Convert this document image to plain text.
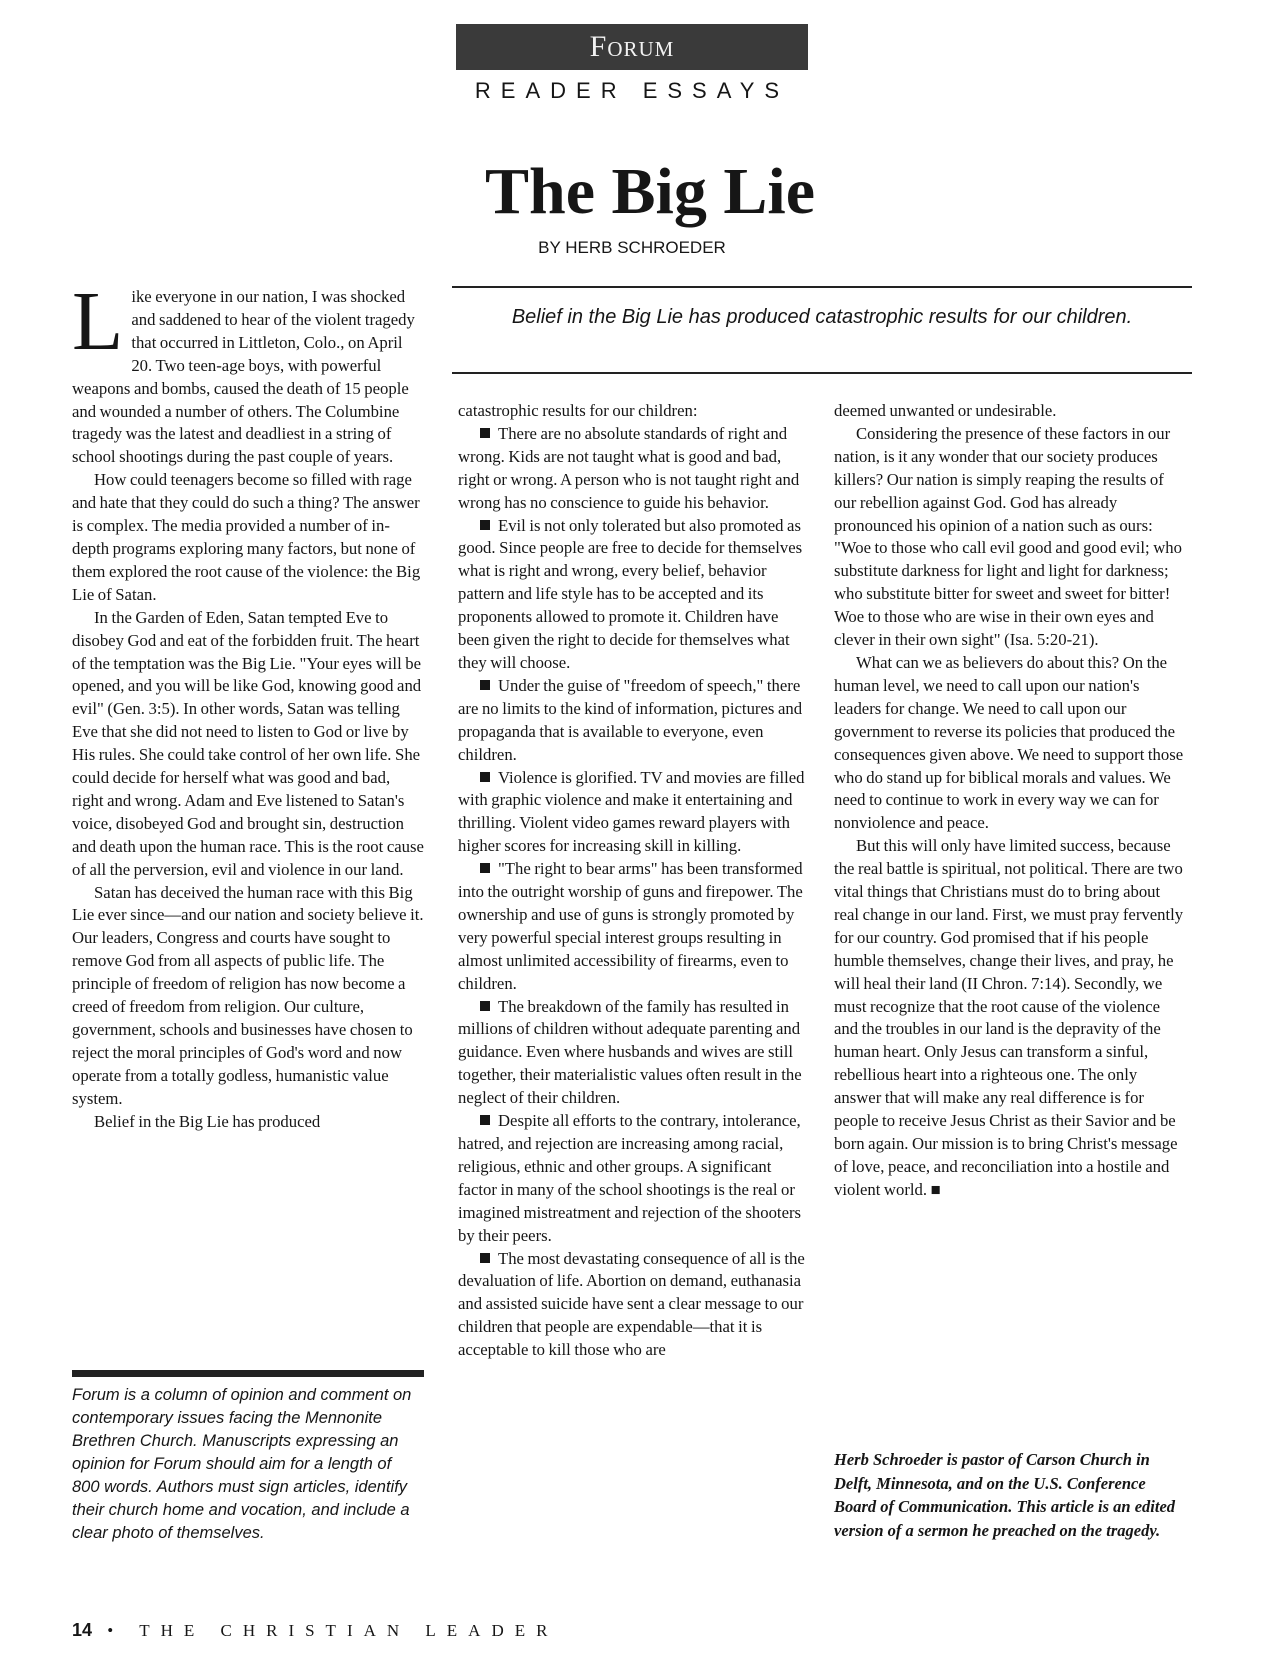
Forum
READER ESSAYS
The Big Lie
BY HERB SCHROEDER
Belief in the Big Lie has produced catastrophic results for our children.

Like everyone in our nation, I was shocked and saddened to hear of the violent tragedy that occurred in Littleton, Colo., on April 20. Two teen-age boys, with powerful weapons and bombs, caused the death of 15 people and wounded a number of others. The Columbine tragedy was the latest and deadliest in a string of school shootings during the past couple of years.

How could teenagers become so filled with rage and hate that they could do such a thing? The answer is complex. The media provided a number of in-depth programs exploring many factors, but none of them explored the root cause of the violence: the Big Lie of Satan.

In the Garden of Eden, Satan tempted Eve to disobey God and eat of the forbidden fruit. The heart of the temptation was the Big Lie. "Your eyes will be opened, and you will be like God, knowing good and evil" (Gen. 3:5). In other words, Satan was telling Eve that she did not need to listen to God or live by His rules. She could take control of her own life. She could decide for herself what was good and bad, right and wrong. Adam and Eve listened to Satan's voice, disobeyed God and brought sin, destruction and death upon the human race. This is the root cause of all the perversion, evil and violence in our land.

Satan has deceived the human race with this Big Lie ever since—and our nation and society believe it. Our leaders, Congress and courts have sought to remove God from all aspects of public life. The principle of freedom of religion has now become a creed of freedom from religion. Our culture, government, schools and businesses have chosen to reject the moral principles of God's word and now operate from a totally godless, humanistic value system.

Belief in the Big Lie has produced

Forum is a column of opinion and comment on contemporary issues facing the Mennonite Brethren Church. Manuscripts expressing an opinion for Forum should aim for a length of 800 words. Authors must sign articles, identify their church home and vocation, and include a clear photo of themselves.

catastrophic results for our children:

There are no absolute standards of right and wrong. Kids are not taught what is good and bad, right or wrong. A person who is not taught right and wrong has no conscience to guide his behavior.

Evil is not only tolerated but also promoted as good. Since people are free to decide for themselves what is right and wrong, every belief, behavior pattern and life style has to be accepted and its proponents allowed to promote it. Children have been given the right to decide for themselves what they will choose.

Under the guise of "freedom of speech," there are no limits to the kind of information, pictures and propaganda that is available to everyone, even children.

Violence is glorified. TV and movies are filled with graphic violence and make it entertaining and thrilling. Violent video games reward players with higher scores for increasing skill in killing.

"The right to bear arms" has been transformed into the outright worship of guns and firepower. The ownership and use of guns is strongly promoted by very powerful special interest groups resulting in almost unlimited accessibility of firearms, even to children.

The breakdown of the family has resulted in millions of children without adequate parenting and guidance. Even where husbands and wives are still together, their materialistic values often result in the neglect of their children.

Despite all efforts to the contrary, intolerance, hatred, and rejection are increasing among racial, religious, ethnic and other groups. A significant factor in many of the school shootings is the real or imagined mistreatment and rejection of the shooters by their peers.

The most devastating consequence of all is the devaluation of life. Abortion on demand, euthanasia and assisted suicide have sent a clear message to our children that people are expendable—that it is acceptable to kill those who are

deemed unwanted or undesirable.

Considering the presence of these factors in our nation, is it any wonder that our society produces killers? Our nation is simply reaping the results of our rebellion against God. God has already pronounced his opinion of a nation such as ours: "Woe to those who call evil good and good evil; who substitute darkness for light and light for darkness; who substitute bitter for sweet and sweet for bitter! Woe to those who are wise in their own eyes and clever in their own sight" (Isa. 5:20-21).

What can we as believers do about this? On the human level, we need to call upon our nation's leaders for change. We need to call upon our government to reverse its policies that produced the consequences given above. We need to support those who do stand up for biblical morals and values. We need to continue to work in every way we can for nonviolence and peace.

But this will only have limited success, because the real battle is spiritual, not political. There are two vital things that Christians must do to bring about real change in our land. First, we must pray fervently for our country. God promised that if his people humble themselves, change their lives, and pray, he will heal their land (II Chron. 7:14). Secondly, we must recognize that the root cause of the violence and the troubles in our land is the depravity of the human heart. Only Jesus can transform a sinful, rebellious heart into a righteous one. The only answer that will make any real difference is for people to receive Jesus Christ as their Savior and be born again. Our mission is to bring Christ's message of love, peace, and reconciliation into a hostile and violent world. ■

Herb Schroeder is pastor of Carson Church in Delft, Minnesota, and on the U.S. Conference Board of Communication. This article is an edited version of a sermon he preached on the tragedy.
14 • THE CHRISTIAN LEADER
